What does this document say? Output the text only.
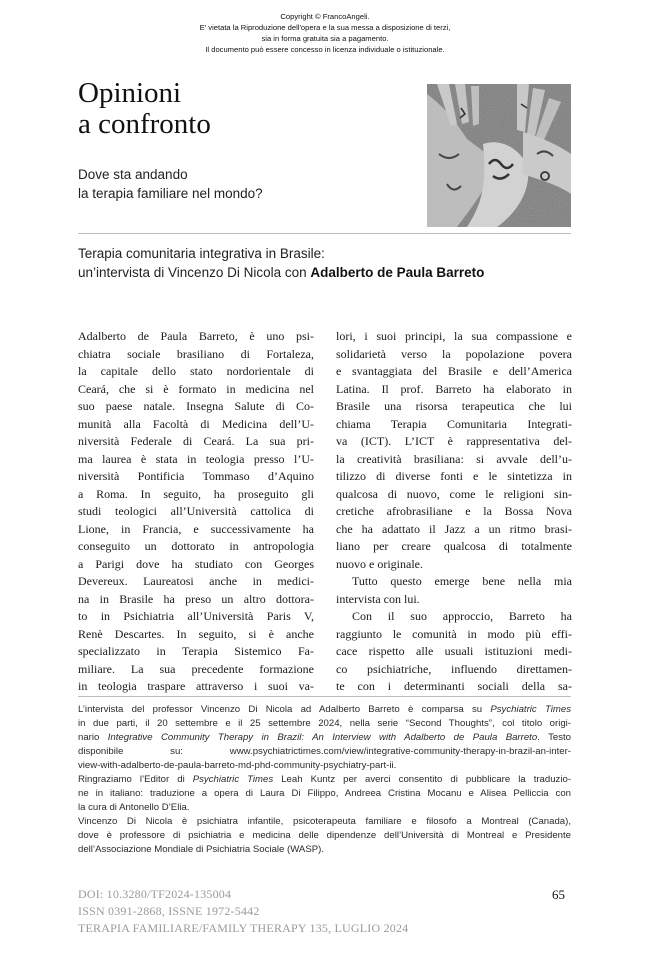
Copyright © FrancoAngeli.
E' vietata la Riproduzione dell'opera e la sua messa a disposizione di terzi,
sia in forma gratuita sia a pagamento.
Il documento può essere concesso in licenza individuale o istituzionale.
Opinioni
a confronto
Dove sta andando
la terapia familiare nel mondo?
Terapia comunitaria integrativa in Brasile:
un’intervista di Vincenzo Di Nicola con Adalberto de Paula Barreto
Adalberto de Paula Barreto, è uno psi-
chiatra sociale brasiliano di Fortaleza,
la capitale dello stato nordorientale di
Ceará, che si è formato in medicina nel
suo paese natale. Insegna Salute di Co-
munità alla Facoltà di Medicina dell’U-
niversità Federale di Ceará. La sua pri-
ma laurea è stata in teologia presso l’U-
niversità Pontificia Tommaso d’Aquino
a Roma. In seguito, ha proseguito gli
studi teologici all’Università cattolica di
Lione, in Francia, e successivamente ha
conseguito un dottorato in antropologia
a Parigi dove ha studiato con Georges
Devereux. Laureatosi anche in medici-
na in Brasile ha preso un altro dottora-
to in Psichiatria all’Università Paris V,
Renè Descartes. In seguito, si è anche
specializzato in Terapia Sistemico Fa-
miliare. La sua precedente formazione
in teologia traspare attraverso i suoi va-
lori, i suoi principi, la sua compassione e
solidarietà verso la popolazione povera
e svantaggiata del Brasile e dell’America
Latina. Il prof. Barreto ha elaborato in
Brasile una risorsa terapeutica che lui
chiama Terapia Comunitaria Integrati-
va (ICT). L’ICT è rappresentativa del-
la creatività brasiliana: si avvale dell’u-
tilizzo di diverse fonti e le sintetizza in
qualcosa di nuovo, come le religioni sin-
cretiche afrobrasiliane e la Bossa Nova
che ha adattato il Jazz a un ritmo brasi-
liano per creare qualcosa di totalmente
nuovo e originale.
Tutto questo emerge bene nella mia
intervista con lui.
Con il suo approccio, Barreto ha
raggiunto le comunità in modo più effi-
cace rispetto alle usuali istituzioni medi-
co psichiatriche, influendo direttamen-
te con i determinanti sociali della sa-
L’intervista del professor Vincenzo Di Nicola ad Adalberto Barreto è comparsa su Psychiatric Times
in due parti, il 20 settembre e il 25 settembre 2024, nella serie “Second Thoughts”, col titolo origi-
nario Integrative Community Therapy in Brazil: An Interview with Adalberto de Paula Barreto. Testo
disponibile su: www.psychiatrictimes.com/view/integrative-community-therapy-in-brazil-an-inter-
view-with-adalberto-de-paula-barreto-md-phd-community-psychiatry-part-ii.
Ringraziamo l’Editor di Psychiatric Times Leah Kuntz per averci consentito di pubblicare la traduzio-
ne in italiano: traduzione a opera di Laura Di Filippo, Andreea Cristina Mocanu e Alisea Pelliccia con
la cura di Antonello D’Elia.
Vincenzo Di Nicola è psichiatra infantile, psicoterapeuta familiare e filosofo a Montreal (Canada),
dove è professore di psichiatria e medicina delle dipendenze dell’Università di Montreal e Presidente
dell’Associazione Mondiale di Psichiatria Sociale (WASP).
DOI: 10.3280/TF2024-135004
ISSN 0391-2868, ISSNE 1972-5442
TERAPIA FAMILIARE/FAMILY THERAPY 135, LUGLIO 2024
65
